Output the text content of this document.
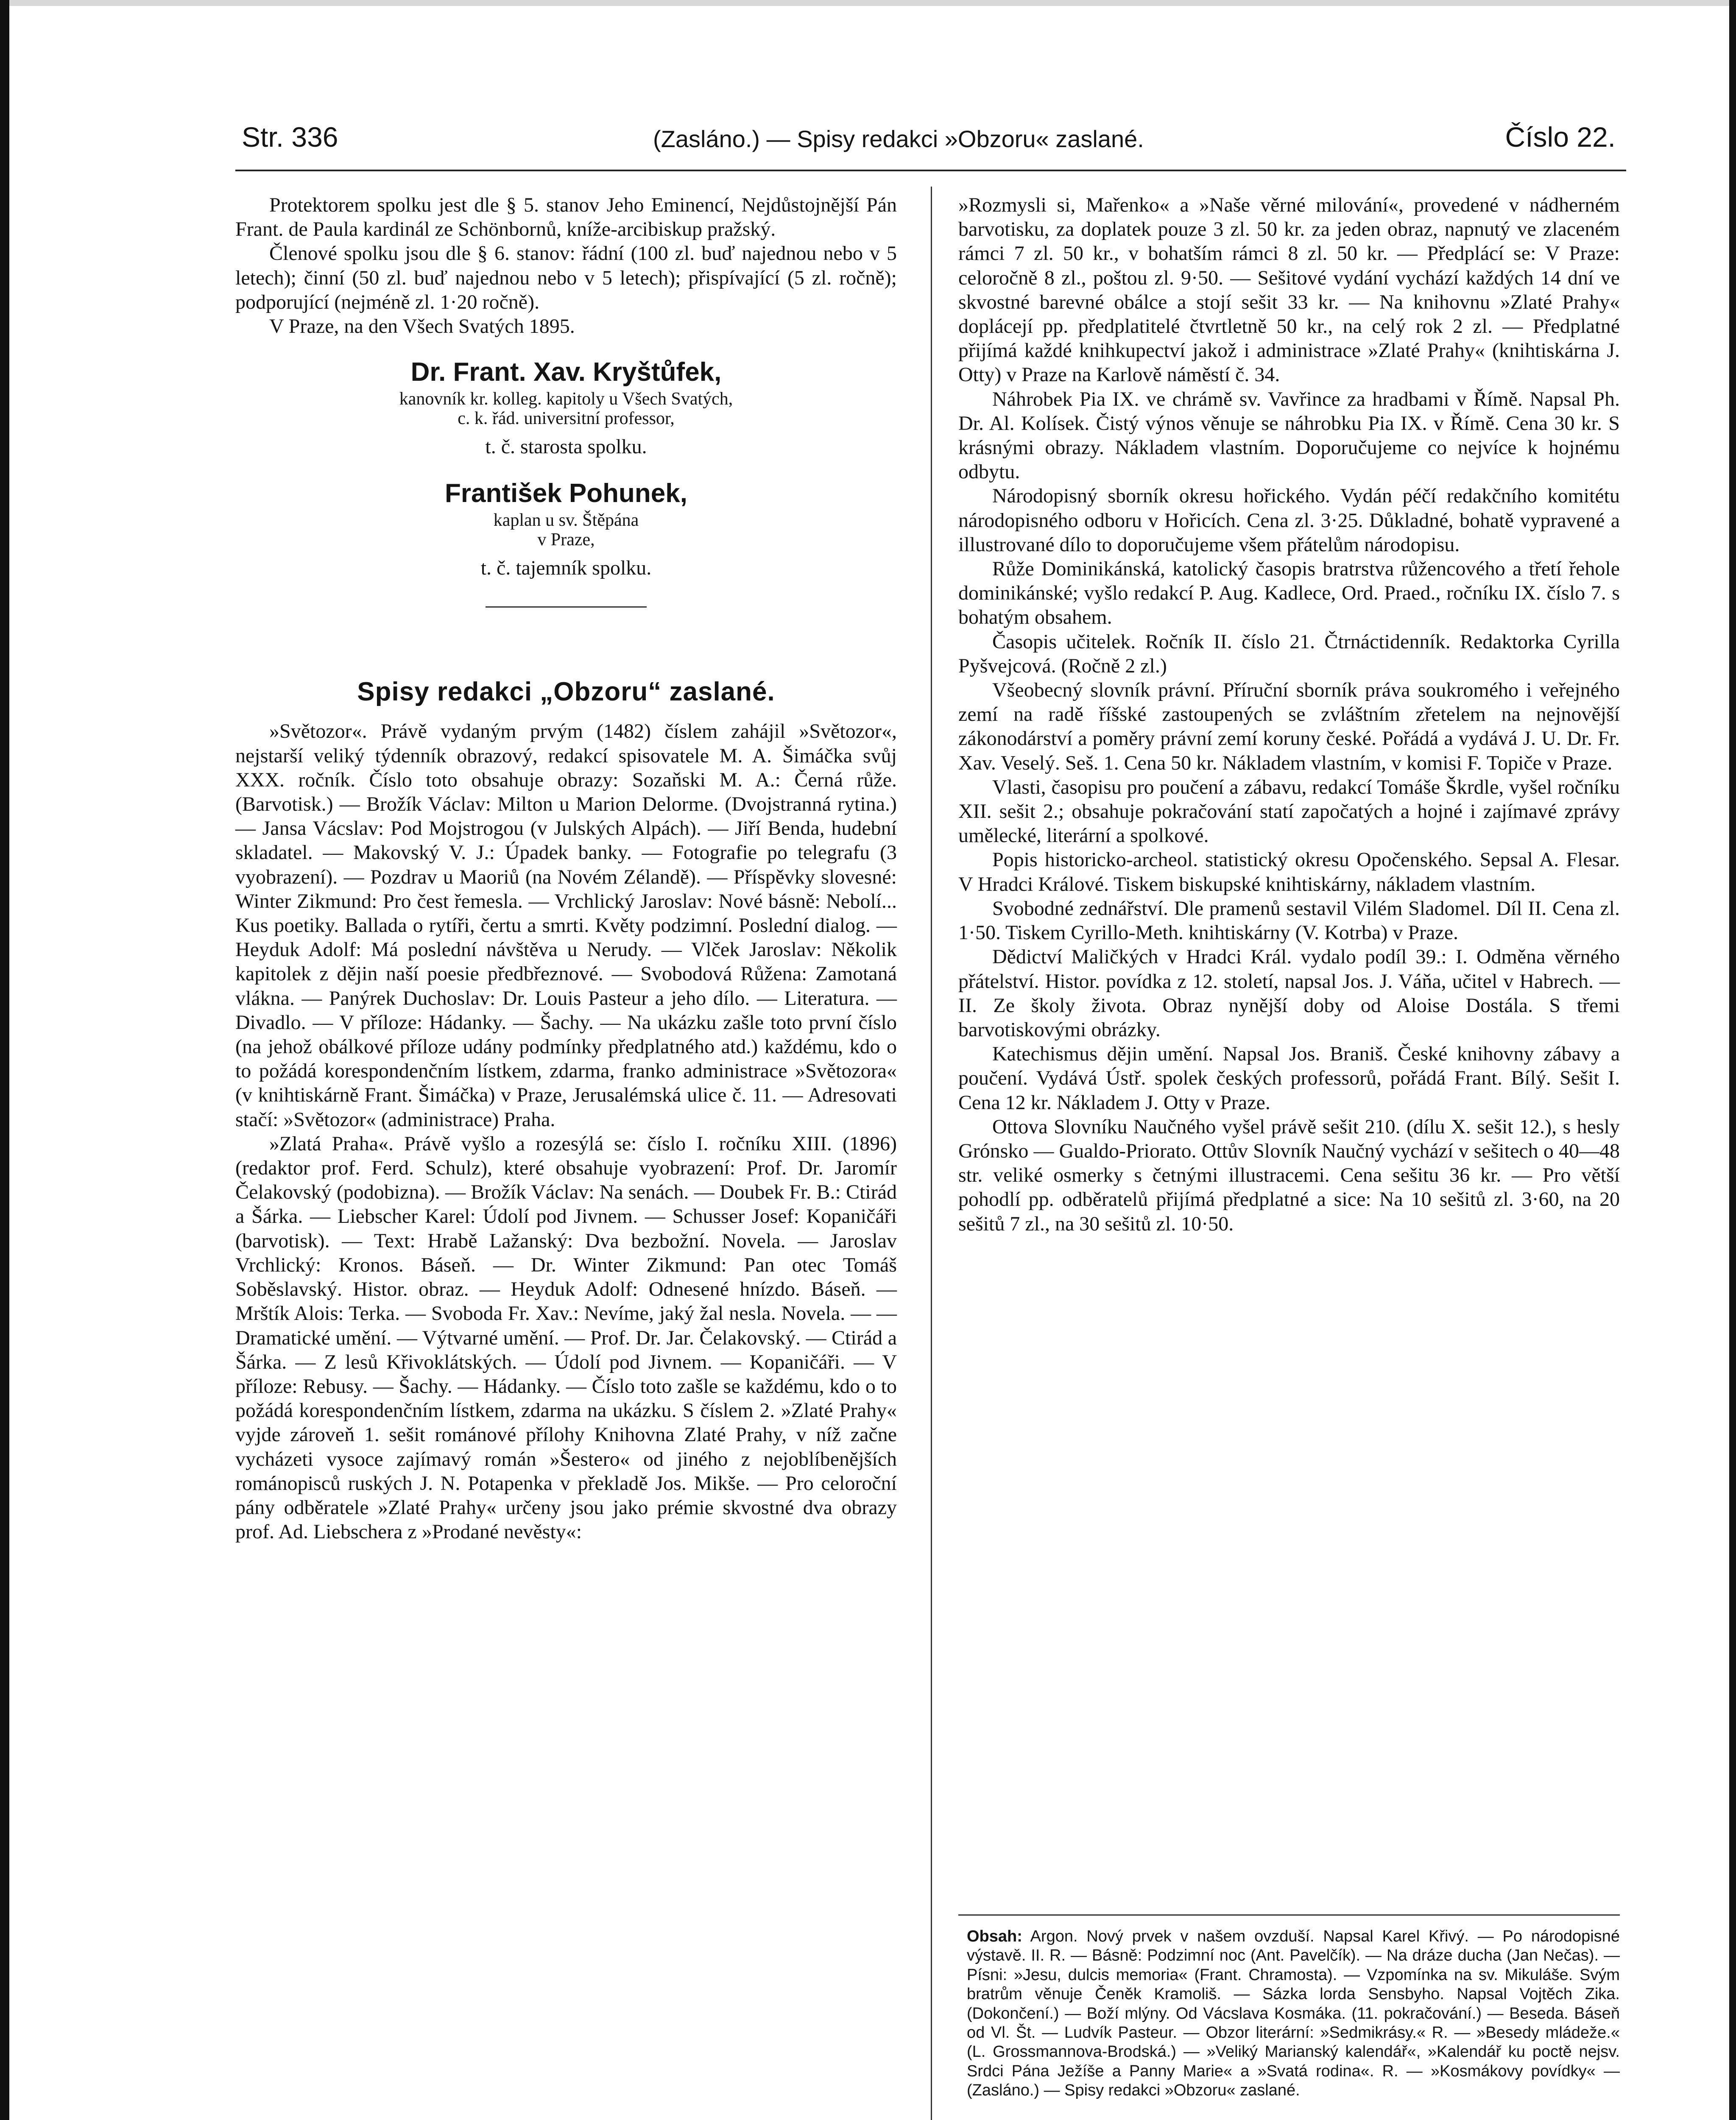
Str. 336	(Zasláno.) — Spisy redakci »Obzoru« zaslané.	Číslo 22.

Protektorem spolku jest dle § 5. stanov Jeho Eminencí, Nejdůstojnější Pán Frant. de Paula kardinál ze Schönbornů, kníže-arcibiskup pražský.

Členové spolku jsou dle § 6. stanov: řádní (100 zl. buď najednou nebo v 5 letech); činní (50 zl. buď najednou nebo v 5 letech); přispívající (5 zl. ročně); podporující (nejméně zl. 1·20 ročně).

V Praze, na den Všech Svatých 1895.

Dr. Frant. Xav. Kryštůfek,
kanovník kr. kolleg. kapitoly u Všech Svatých,
c. k. řád. universitní professor,
t. č. starosta spolku.
František Pohunek,
kaplan u sv. Štěpána
v Praze,
t. č. tajemník spolku.
Spisy redakci „Obzoru“ zaslané.

»Světozor«. Právě vydaným prvým (1482) číslem zahájil »Světozor«, nejstarší veliký týdenník obrazový, redakcí spisovatele M. A. Šimáčka svůj XXX. ročník. Číslo toto obsahuje obrazy: Sozaňski M. A.: Černá růže. (Barvotisk.) — Brožík Václav: Milton u Marion Delorme. (Dvojstranná rytina.) — Jansa Vácslav: Pod Mojstrogou (v Julských Alpách). — Jiří Benda, hudební skladatel. — Makovský V. J.: Úpadek banky. — Fotografie po telegrafu (3 vyobrazení). — Pozdrav u Maoriů (na Novém Zélandě). — Příspěvky slovesné: Winter Zikmund: Pro čest řemesla. — Vrchlický Jaroslav: Nové básně: Nebolí... Kus poetiky. Ballada o rytíři, čertu a smrti. Květy podzimní. Poslední dialog. — Heyduk Adolf: Má poslední návštěva u Nerudy. — Vlček Jaroslav: Několik kapitolek z dějin naší poesie předbřeznové. — Svobodová Růžena: Zamotaná vlákna. — Panýrek Duchoslav: Dr. Louis Pasteur a jeho dílo. — Literatura. — Divadlo. — V příloze: Hádanky. — Šachy. — Na ukázku zašle toto první číslo (na jehož obálkové příloze udány podmínky předplatného atd.) každému, kdo o to požádá korespondenčním lístkem, zdarma, franko administrace »Světozora« (v knihtiskárně Frant. Šimáčka) v Praze, Jerusalémská ulice č. 11. — Adresovati stačí: »Světozor« (administrace) Praha.

»Zlatá Praha«. Právě vyšlo a rozesýlá se: číslo I. ročníku XIII. (1896) (redaktor prof. Ferd. Schulz), které obsahuje vyobrazení: Prof. Dr. Jaromír Čelakovský (podobizna). — Brožík Václav: Na senách. — Doubek Fr. B.: Ctirád a Šárka. — Liebscher Karel: Údolí pod Jivnem. — Schusser Josef: Kopaničáři (barvotisk). — Text: Hrabě Lažanský: Dva bezbožní. Novela. — Jaroslav Vrchlický: Kronos. Báseň. — Dr. Winter Zikmund: Pan otec Tomáš Soběslavský. Histor. obraz. — Heyduk Adolf: Odnesené hnízdo. Báseň. — Mrštík Alois: Terka. — Svoboda Fr. Xav.: Nevíme, jaký žal nesla. Novela. — — Dramatické umění. — Výtvarné umění. — Prof. Dr. Jar. Čelakovský. — Ctirád a Šárka. — Z lesů Křivoklátských. — Údolí pod Jivnem. — Kopaničáři. — V příloze: Rebusy. — Šachy. — Hádanky. — Číslo toto zašle se každému, kdo o to požádá korespondenčním lístkem, zdarma na ukázku. S číslem 2. »Zlaté Prahy« vyjde zároveň 1. sešit románové přílohy Knihovna Zlaté Prahy, v níž začne vycházeti vysoce zajímavý román »Šestero« od jiného z nejoblíbenějších románopisců ruských J. N. Potapenka v překladě Jos. Mikše. — Pro celoroční pány odběratele »Zlaté Prahy« určeny jsou jako prémie skvostné dva obrazy prof. Ad. Liebschera z »Prodané nevěsty«:

»Rozmysli si, Mařenko« a »Naše věrné milování«, provedené v nádherném barvotisku, za doplatek pouze 3 zl. 50 kr. za jeden obraz, napnutý ve zlaceném rámci 7 zl. 50 kr., v bohatším rámci 8 zl. 50 kr. — Předplácí se: V Praze: celoročně 8 zl., poštou zl. 9·50. — Sešitové vydání vychází každých 14 dní ve skvostné barevné obálce a stojí sešit 33 kr. — Na knihovnu »Zlaté Prahy« doplácejí pp. předplatitelé čtvrtletně 50 kr., na celý rok 2 zl. — Předplatné přijímá každé knihkupectví jakož i administrace »Zlaté Prahy« (knihtiskárna J. Otty) v Praze na Karlově náměstí č. 34.

Náhrobek Pia IX. ve chrámě sv. Vavřince za hradbami v Římě. Napsal Ph. Dr. Al. Kolísek. Čistý výnos věnuje se náhrobku Pia IX. v Římě. Cena 30 kr. S krásnými obrazy. Nákladem vlastním. Doporučujeme co nejvíce k hojnému odbytu.

Národopisný sborník okresu hořického. Vydán péčí redakčního komitétu národopisného odboru v Hořicích. Cena zl. 3·25. Důkladné, bohatě vypravené a illustrované dílo to doporučujeme všem přátelům národopisu.

Růže Dominikánská, katolický časopis bratrstva růžencového a třetí řehole dominikánské; vyšlo redakcí P. Aug. Kadlece, Ord. Praed., ročníku IX. číslo 7. s bohatým obsahem.

Časopis učitelek. Ročník II. číslo 21. Čtrnáctidenník. Redaktorka Cyrilla Pyšvejcová. (Ročně 2 zl.)

Všeobecný slovník právní. Příruční sborník práva soukromého i veřejného zemí na radě říšské zastoupených se zvláštním zřetelem na nejnovější zákonodárství a poměry právní zemí koruny české. Pořádá a vydává J. U. Dr. Fr. Xav. Veselý. Seš. 1. Cena 50 kr. Nákladem vlastním, v komisi F. Topiče v Praze.

Vlasti, časopisu pro poučení a zábavu, redakcí Tomáše Škrdle, vyšel ročníku XII. sešit 2.; obsahuje pokračování statí započatých a hojné i zajímavé zprávy umělecké, literární a spolkové.

Popis historicko-archeol. statistický okresu Opočenského. Sepsal A. Flesar. V Hradci Králové. Tiskem biskupské knihtiskárny, nákladem vlastním.

Svobodné zednářství. Dle pramenů sestavil Vilém Sladomel. Díl II. Cena zl. 1·50. Tiskem Cyrillo-Meth. knihtiskárny (V. Kotrba) v Praze.

Dědictví Maličkých v Hradci Král. vydalo podíl 39.: I. Odměna věrného přátelství. Histor. povídka z 12. století, napsal Jos. J. Váňa, učitel v Habrech. — II. Ze školy života. Obraz nynější doby od Aloise Dostála. S třemi barvotiskovými obrázky.

Katechismus dějin umění. Napsal Jos. Braniš. České knihovny zábavy a poučení. Vydává Ústř. spolek českých professorů, pořádá Frant. Bílý. Sešit I. Cena 12 kr. Nákladem J. Otty v Praze.

Ottova Slovníku Naučného vyšel právě sešit 210. (dílu X. sešit 12.), s hesly Grónsko — Gualdo-Priorato. Ottův Slovník Naučný vychází v sešitech o 40—48 str. veliké osmerky s četnými illustracemi. Cena sešitu 36 kr. — Pro větší pohodlí pp. odběratelů přijímá předplatné a sice: Na 10 sešitů zl. 3·60, na 20 sešitů 7 zl., na 30 sešitů zl. 10·50.

Obsah: Argon. Nový prvek v našem ovzduší. Napsal Karel Křivý. — Po národopisné výstavě. II. R. — Básně: Podzimní noc (Ant. Pavelčík). — Na dráze ducha (Jan Nečas). — Písni: »Jesu, dulcis memoria« (Frant. Chramosta). — Vzpomínka na sv. Mikuláše. Svým bratrům věnuje Čeněk Kramoliš. — Sázka lorda Sensbyho. Napsal Vojtěch Zika. (Dokončení.) — Boží mlýny. Od Vácslava Kosmáka. (11. pokračování.) — Beseda. Báseň od Vl. Št. — Ludvík Pasteur. — Obzor literární: »Sedmikrásy.« R. — »Besedy mládeže.« (L. Grossmannova-Brodská.) — »Veliký Marianský kalendář«, »Kalendář ku poctě nejsv. Srdci Pána Ježíše a Panny Marie« a »Svatá rodina«. R. — »Kosmákovy povídky« — (Zasláno.) — Spisy redakci »Obzoru« zaslané.
